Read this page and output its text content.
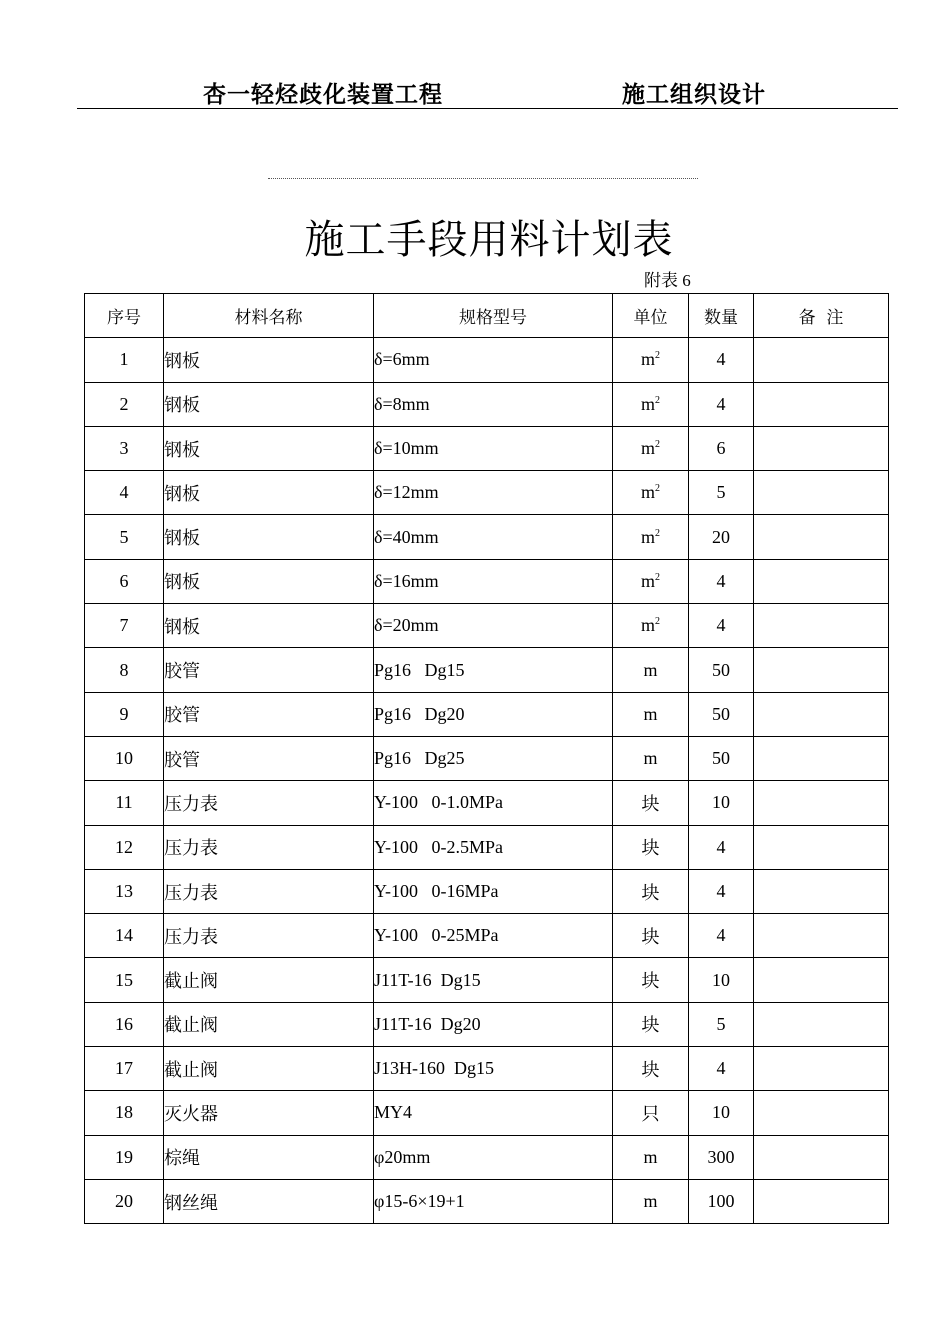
杏一轻烃歧化装置工程	施工组织设计
施工手段用料计划表
附表 6
序号	材料名称	规格型号	单位	数量	备  注
1	钢板	δ=6mm	$m^2$	4	
2	钢板	δ=8mm	$m^2$	4	
3	钢板	δ=10mm	$m^2$	6	
4	钢板	δ=12mm	$m^2$	5	
5	钢板	δ=40mm	$m^2$	20	
6	钢板	δ=16mm	$m^2$	4	
7	钢板	δ=20mm	$m^2$	4	
8	胶管	Pg16   Dg15	m	50	
9	胶管	Pg16   Dg20	m	50	
10	胶管	Pg16   Dg25	m	50	
11	压力表	Y-100   0-1.0MPa	块	10	
12	压力表	Y-100   0-2.5MPa	块	4	
13	压力表	Y-100   0-16MPa	块	4	
14	压力表	Y-100   0-25MPa	块	4	
15	截止阀	J11T-16  Dg15	块	10	
16	截止阀	J11T-16  Dg20	块	5	
17	截止阀	J13H-160  Dg15	块	4	
18	灭火器	MY4	只	10	
19	棕绳	φ20mm	m	300	
20	钢丝绳	φ15-6×19+1	m	100	
